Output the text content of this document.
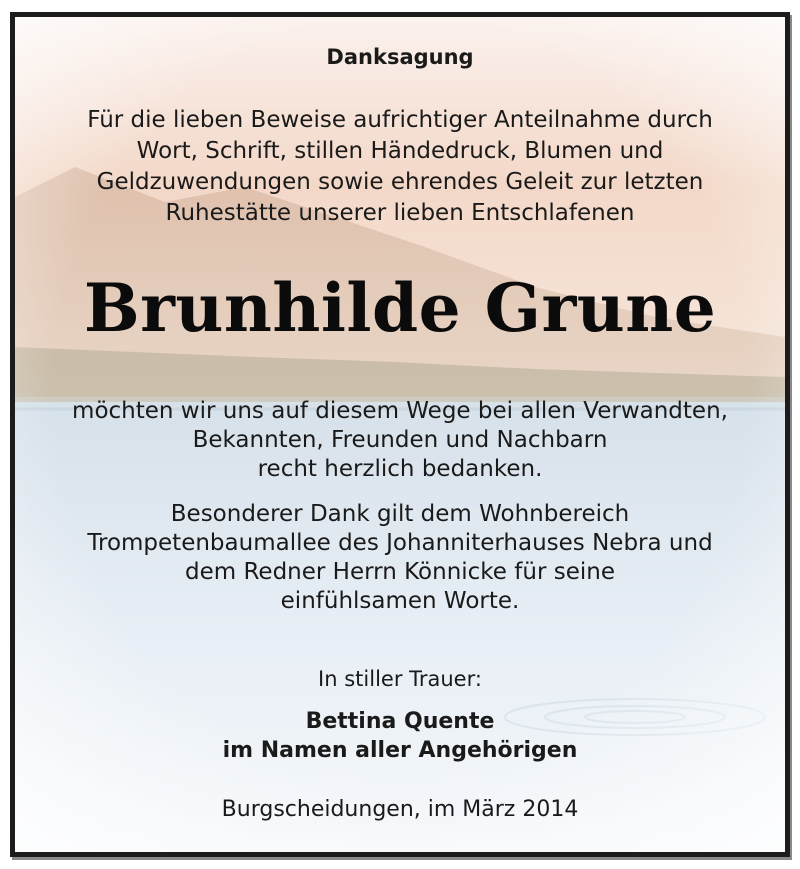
Danksagung
Für die lieben Beweise aufrichtiger Anteilnahme durch
Wort, Schrift, stillen Händedruck, Blumen und
Geldzuwendungen sowie ehrendes Geleit zur letzten
Ruhestätte unserer lieben Entschlafenen
Brunhilde Grune
möchten wir uns auf diesem Wege bei allen Verwandten,
Bekannten, Freunden und Nachbarn
recht herzlich bedanken.
Besonderer Dank gilt dem Wohnbereich
Trompetenbaumallee des Johanniterhauses Nebra und
dem Redner Herrn Könnicke für seine
einfühlsamen Worte.
In stiller Trauer:
Bettina Quente
im Namen aller Angehörigen
Burgscheidungen, im März 2014
